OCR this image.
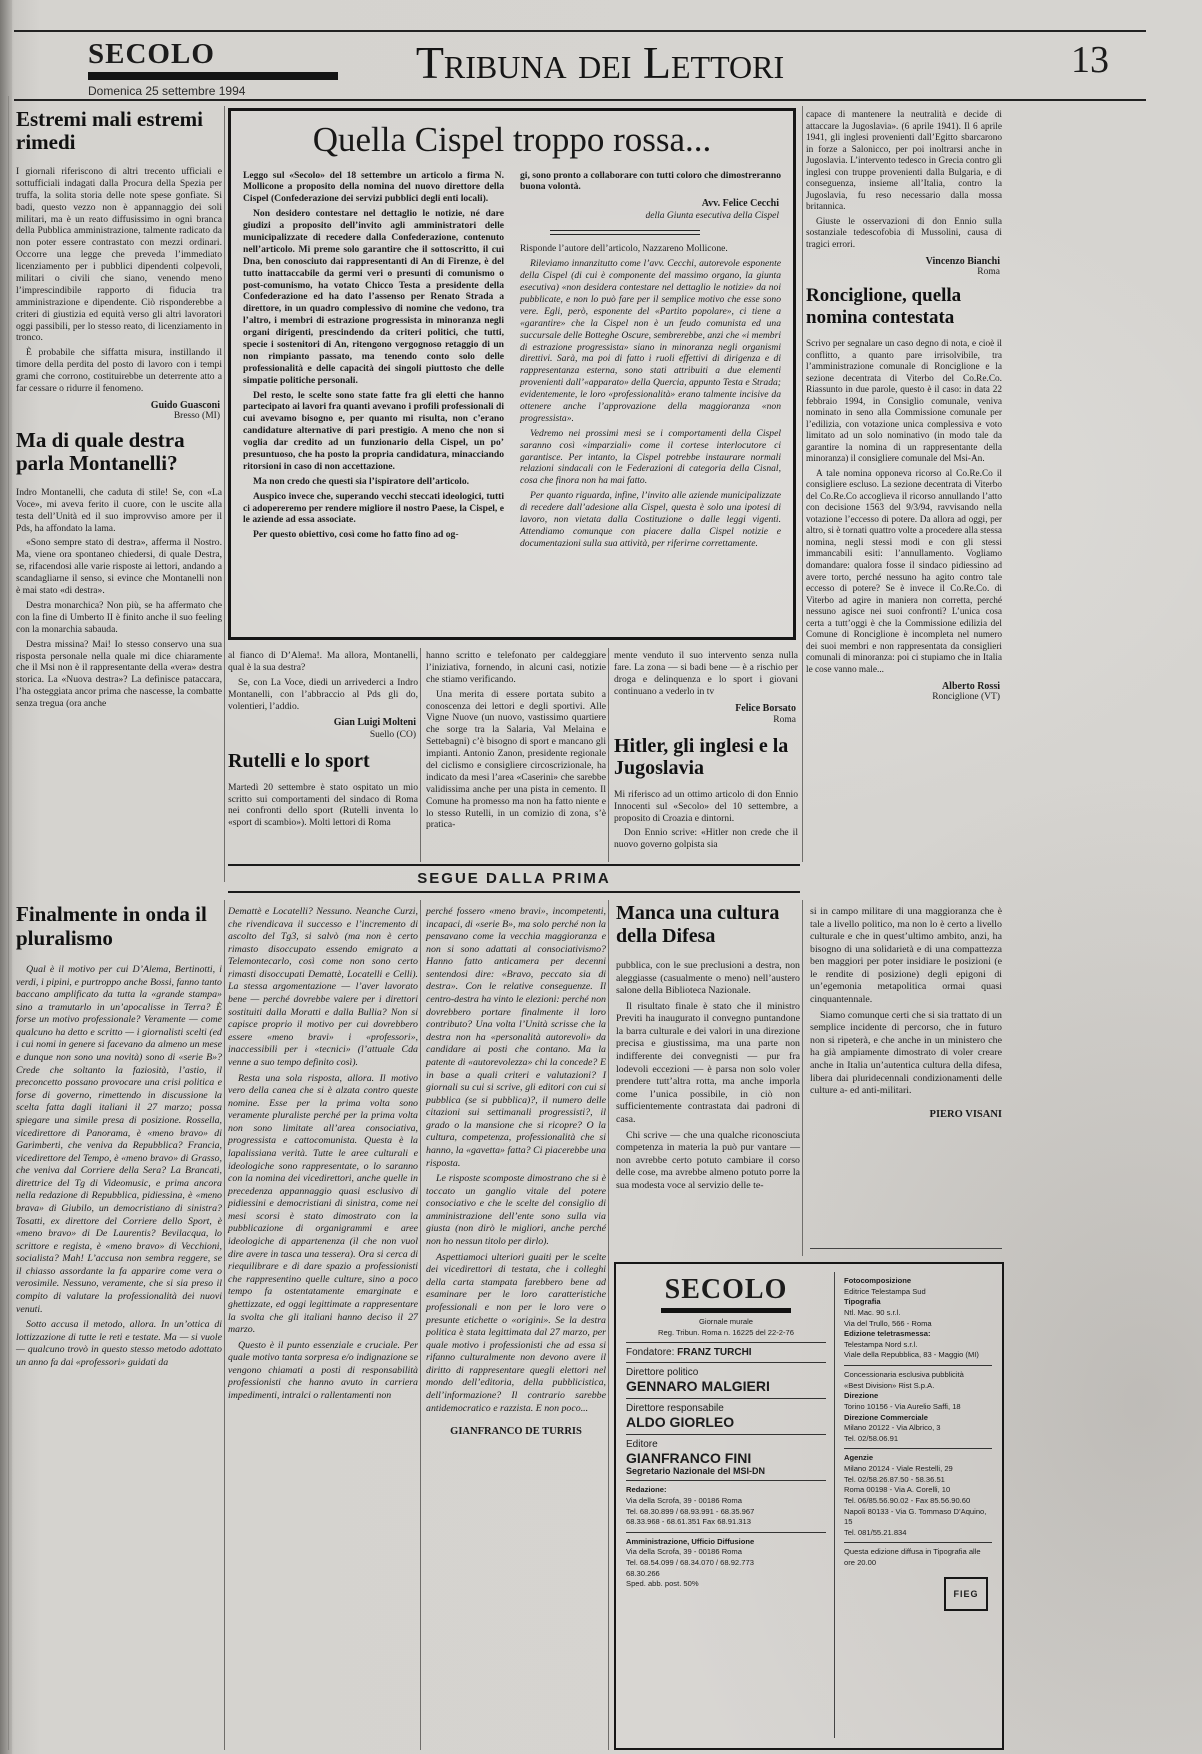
SECOLO
Domenica 25 settembre 1994
Tribuna dei Lettori	13
Estremi mali estremi rimedi

I giornali riferiscono di altri trecento ufficiali e sottufficiali indagati dalla Procura della Spezia per truffa, la solita storia delle note spese gonfiate. Si badi, questo vezzo non è appannaggio dei soli militari, ma è un reato diffusissimo in ogni branca della Pubblica amministrazione, talmente radicato da non poter essere contrastato con mezzi ordinari. Occorre una legge che preveda l’immediato licenziamento per i pubblici dipendenti colpevoli, militari o civili che siano, venendo meno l’imprescindibile rapporto di fiducia tra amministrazione e dipendente. Ciò risponderebbe a criteri di giustizia ed equità verso gli altri lavoratori oggi passibili, per lo stesso reato, di licenziamento in tronco.

È probabile che siffatta misura, instillando il timore della perdita del posto di lavoro con i tempi grami che corrono, costituirebbe un deterrente atto a far cessare o ridurre il fenomeno.

Guido Guasconi
Bresso (MI)
Ma di quale destra parla Montanelli?

Indro Montanelli, che caduta di stile! Se, con «La Voce», mi aveva ferito il cuore, con le uscite alla testa dell’Unità ed il suo improvviso amore per il Pds, ha affondato la lama.

«Sono sempre stato di destra», afferma il Nostro. Ma, viene ora spontaneo chiedersi, di quale Destra, se, rifacendosi alle varie risposte ai lettori, andando a scandagliarne il senso, si evince che Montanelli non è mai stato «di destra».

Destra monarchica? Non più, se ha affermato che con la fine di Umberto II è finito anche il suo feeling con la monarchia sabauda.

Destra missina? Mai! Io stesso conservo una sua risposta personale nella quale mi dice chiaramente che il Msi non è il rappresentante della «vera» destra storica. La «Nuova destra»? La definisce pataccara, l’ha osteggiata ancor prima che nascesse, la combatte senza tregua (ora anche

Quella Cispel troppo rossa...

Leggo sul «Secolo» del 18 settembre un articolo a firma N. Mollicone a proposito della nomina del nuovo direttore della Cispel (Confederazione dei servizi pubblici degli enti locali).

Non desidero contestare nel dettaglio le notizie, né dare giudizi a proposito dell’invito agli amministratori delle municipalizzate di recedere dalla Confederazione, contenuto nell’articolo. Mi preme solo garantire che il sottoscritto, il cui Dna, ben conosciuto dai rappresentanti di An di Firenze, è del tutto inattaccabile da germi veri o presunti di comunismo o post-comunismo, ha votato Chicco Testa a presidente della Confederazione ed ha dato l’assenso per Renato Strada a direttore, in un quadro complessivo di nomine che vedono, tra l’altro, i membri di estrazione progressista in minoranza negli organi dirigenti, prescindendo da criteri politici, che tutti, specie i sostenitori di An, ritengono vergognoso retaggio di un non rimpianto passato, ma tenendo conto solo delle professionalità e delle capacità dei singoli piuttosto che delle simpatie politiche personali.

Del resto, le scelte sono state fatte fra gli eletti che hanno partecipato ai lavori fra quanti avevano i profili professionali di cui avevamo bisogno e, per quanto mi risulta, non c’erano candidature alternative di pari prestigio. A meno che non si voglia dar credito ad un funzionario della Cispel, un po’ presuntuoso, che ha posto la propria candidatura, minacciando ritorsioni in caso di non accettazione.

Ma non credo che questi sia l’ispiratore dell’articolo.

Auspico invece che, superando vecchi steccati ideologici, tutti ci adopereremo per rendere migliore il nostro Paese, la Cispel, e le aziende ad essa associate.

Per questo obiettivo, così come ho fatto fino ad og-

gi, sono pronto a collaborare con tutti coloro che dimostreranno buona volontà.

Avv. Felice Cecchi
della Giunta esecutiva della Cispel

Risponde l’autore dell’articolo, Nazzareno Mollicone.

Rileviamo innanzitutto come l’avv. Cecchi, autorevole esponente della Cispel (di cui è componente del massimo organo, la giunta esecutiva) «non desidera contestare nel dettaglio le notizie» da noi pubblicate, e non lo può fare per il semplice motivo che esse sono vere. Egli, però, esponente del «Partito popolare», ci tiene a «garantire» che la Cispel non è un feudo comunista ed una succursale delle Botteghe Oscure, sembrerebbe, anzi che «i membri di estrazione progressista» siano in minoranza negli organismi direttivi. Sarà, ma poi di fatto i ruoli effettivi di dirigenza e di rappresentanza esterna, sono stati attribuiti a due elementi provenienti dall’«apparato» della Quercia, appunto Testa e Strada; evidentemente, le loro «professionalità» erano talmente incisive da ottenere anche l’approvazione della maggioranza «non progressista».

Vedremo nei prossimi mesi se i comportamenti della Cispel saranno così «imparziali» come il cortese interlocutore ci garantisce. Per intanto, la Cispel potrebbe instaurare normali relazioni sindacali con le Federazioni di categoria della Cisnal, cosa che finora non ha mai fatto.

Per quanto riguarda, infine, l’invito alle aziende municipalizzate di recedere dall’adesione alla Cispel, questa è solo una ipotesi di lavoro, non vietata dalla Costituzione o dalle leggi vigenti. Attendiamo comunque con piacere dalla Cispel notizie e documentazioni sulla sua attività, per riferirne correttamente.

capace di mantenere la neutralità e decide di attaccare la Jugoslavia». (6 aprile 1941). Il 6 aprile 1941, gli inglesi provenienti dall’Egitto sbarcarono in forze a Salonicco, per poi inoltrarsi anche in Jugoslavia. L’intervento tedesco in Grecia contro gli inglesi con truppe provenienti dalla Bulgaria, e di conseguenza, insieme all’Italia, contro la Jugoslavia, fu reso necessario dalla mossa britannica.

Giuste le osservazioni di don Ennio sulla sostanziale tedescofobia di Mussolini, causa di tragici errori.

Vincenzo Bianchi
Roma
Ronciglione, quella nomina contestata

Scrivo per segnalare un caso degno di nota, e cioè il conflitto, a quanto pare irrisolvibile, tra l’amministrazione comunale di Ronciglione e la sezione decentrata di Viterbo del Co.Re.Co. Riassunto in due parole, questo è il caso: in data 22 febbraio 1994, in Consiglio comunale, veniva nominato in seno alla Commissione comunale per l’edilizia, con votazione unica complessiva e voto limitato ad un solo nominativo (in modo tale da garantire la nomina di un rappresentante della minoranza) il consigliere comunale del Msi-An.

A tale nomina opponeva ricorso al Co.Re.Co il consigliere escluso. La sezione decentrata di Viterbo del Co.Re.Co accoglieva il ricorso annullando l’atto con decisione 1563 del 9/3/94, ravvisando nella votazione l’eccesso di potere. Da allora ad oggi, per altro, si è tornati quattro volte a procedere alla stessa nomina, negli stessi modi e con gli stessi immancabili esiti: l’annullamento. Vogliamo domandare: qualora fosse il sindaco pidiessino ad avere torto, perché nessuno ha agito contro tale eccesso di potere? Se è invece il Co.Re.Co. di Viterbo ad agire in maniera non corretta, perché nessuno agisce nei suoi confronti? L’unica cosa certa a tutt’oggi è che la Commissione edilizia del Comune di Ronciglione è incompleta nel numero dei suoi membri e non rappresentata da consiglieri comunali di minoranza: poi ci stupiamo che in Italia le cose vanno male...

Alberto Rossi
Ronciglione (VT)

al fianco di D’Alema!. Ma allora, Montanelli, qual è la sua destra?

Se, con La Voce, diedi un arrivederci a Indro Montanelli, con l’abbraccio al Pds gli do, volentieri, l’addio.

Gian Luigi Molteni
Suello (CO)
Rutelli e lo sport

Martedì 20 settembre è stato ospitato un mio scritto sui comportamenti del sindaco di Roma nei confronti dello sport (Rutelli inventa lo «sport di scambio»). Molti lettori di Roma

hanno scritto e telefonato per caldeggiare l’iniziativa, fornendo, in alcuni casi, notizie che stiamo verificando.

Una merita di essere portata subito a conoscenza dei lettori e degli sportivi. Alle Vigne Nuove (un nuovo, vastissimo quartiere che sorge tra la Salaria, Val Melaina e Settebagni) c’è bisogno di sport e mancano gli impianti. Antonio Zanon, presidente regionale del ciclismo e consigliere circoscrizionale, ha indicato da mesi l’area «Caserini» che sarebbe validissima anche per una pista in cemento. Il Comune ha promesso ma non ha fatto niente e lo stesso Rutelli, in un comizio di zona, s’è pratica-

mente venduto il suo intervento senza nulla fare. La zona — si badi bene — è a rischio per droga e delinquenza e lo sport i giovani continuano a vederlo in tv

Felice Borsato
Roma
Hitler, gli inglesi e la Jugoslavia

Mi riferisco ad un ottimo articolo di don Ennio Innocenti sul «Secolo» del 10 settembre, a proposito di Croazia e dintorni.

Don Ennio scrive: «Hitler non crede che il nuovo governo golpista sia

SEGUE DALLA PRIMA
Finalmente in onda il pluralismo

Qual è il motivo per cui D’Alema, Bertinotti, i verdi, i pipini, e purtroppo anche Bossi, fanno tanto baccano amplificato da tutta la «grande stampa» sino a tramutarlo in un’apocalisse in Terra? È forse un motivo professionale? Veramente — come qualcuno ha detto e scritto — i giornalisti scelti (ed i cui nomi in genere si facevano da almeno un mese e dunque non sono una novità) sono di «serie B»? Crede che soltanto la faziosità, l’astio, il preconcetto possano provocare una crisi politica e forse di governo, rimettendo in discussione la scelta fatta dagli italiani il 27 marzo; possa spiegare una simile presa di posizione. Rossella, vicedirettore di Panorama, è «meno bravo» di Garimberti, che veniva da Repubblica? Francia, vicedirettore del Tempo, è «meno bravo» di Grasso, che veniva dal Corriere della Sera? La Brancati, direttrice del Tg di Videomusic, e prima ancora nella redazione di Repubblica, pidiessina, è «meno brava» di Giubilo, un democristiano di sinistra? Tosatti, ex direttore del Corriere dello Sport, è «meno bravo» di De Laurentis? Bevilacqua, lo scrittore e regista, è «meno bravo» di Vecchioni, socialista? Mah! L’accusa non sembra reggere, se il chiasso assordante la fa apparire come vera o verosimile. Nessuno, veramente, che si sia preso il compito di valutare la professionalità dei nuovi venuti.

Sotto accusa il metodo, allora. In un’ottica di lottizzazione di tutte le reti e testate. Ma — si vuole — qualcuno trovò in questo stesso metodo adottato un anno fa dai «professori» guidati da

Demattè e Locatelli? Nessuno. Neanche Curzi, che rivendicava il successo e l’incremento di ascolto del Tg3, si salvò (ma non è certo rimasto disoccupato essendo emigrato a Telemontecarlo, così come non sono certo rimasti disoccupati Demattè, Locatelli e Celli). La stessa argomentazione — l’aver lavorato bene — perché dovrebbe valere per i direttori sostituiti dalla Moratti e dalla Bullia? Non si capisce proprio il motivo per cui dovrebbero essere «meno bravi» i «professori», inaccessibili per i «tecnici» (l’attuale Cda venne a suo tempo definito così).

Resta una sola risposta, allora. Il motivo vero della canea che si è alzata contro queste nomine. Esse per la prima volta sono veramente pluraliste perché per la prima volta non sono limitate all’area consociativa, progressista e cattocomunista. Questa è la lapalissiana verità. Tutte le aree culturali e ideologiche sono rappresentate, o lo saranno con la nomina dei vicedirettori, anche quelle in precedenza appannaggio quasi esclusivo di pidiessini e democristiani di sinistra, come nei mesi scorsi è stato dimostrato con la pubblicazione di organigrammi e aree ideologiche di appartenenza (il che non vuol dire avere in tasca una tessera). Ora si cerca di riequilibrare e di dare spazio a professionisti che rappresentino quelle culture, sino a poco tempo fa ostentatamente emarginate e ghettizzate, ed oggi legittimate a rappresentare la svolta che gli italiani hanno deciso il 27 marzo.

Questo è il punto essenziale e cruciale. Per quale motivo tanta sorpresa e/o indignazione se vengono chiamati a posti di responsabilità professionisti che hanno avuto in carriera impedimenti, intralci o rallentamenti non

perché fossero «meno bravi», incompetenti, incapaci, di «serie B», ma solo perché non la pensavano come la vecchia maggioranza e non si sono adattati al consociativismo? Hanno fatto anticamera per decenni sentendosi dire: «Bravo, peccato sia di destra». Con le relative conseguenze. Il centro-destra ha vinto le elezioni: perché non dovrebbero portare finalmente il loro contributo? Una volta l’Unità scrisse che la destra non ha «personalità autorevoli» da candidare ai posti che contano. Ma la patente di «autorevolezza» chi la concede? E in base a quali criteri e valutazioni? I giornali su cui si scrive, gli editori con cui si pubblica (se si pubblica)?, il numero delle citazioni sui settimanali progressisti?, il grado o la mansione che si ricopre? O la cultura, competenza, professionalità che si hanno, la «gavetta» fatta? Ci piacerebbe una risposta.

Le risposte scomposte dimostrano che si è toccato un ganglio vitale del potere consociativo e che le scelte del consiglio di amministrazione dell’ente sono sulla via giusta (non dirò le migliori, anche perché non ho nessun titolo per dirlo).

Aspettiamoci ulteriori guaiti per le scelte dei vicedirettori di testata, che i colleghi della carta stampata farebbero bene ad esaminare per le loro caratteristiche professionali e non per le loro vere o presunte etichette o «origini». Se la destra politica è stata legittimata dal 27 marzo, per quale motivo i professionisti che ad essa si rifanno culturalmente non devono avere il diritto di rappresentare quegli elettori nel mondo dell’editoria, della pubblicistica, dell’informazione? Il contrario sarebbe antidemocratico e razzista. E non poco...

GIANFRANCO DE TURRIS
Manca una cultura della Difesa

pubblica, con le sue preclusioni a destra, non aleggiasse (casualmente o meno) nell’austero salone della Biblioteca Nazionale.

Il risultato finale è stato che il ministro Previti ha inaugurato il convegno puntandone la barra culturale e dei valori in una direzione precisa e giustissima, ma una parte non indifferente dei convegnisti — pur fra lodevoli eccezioni — è parsa non solo voler prendere tutt’altra rotta, ma anche imporla come l’unica possibile, in ciò non sufficientemente contrastata dai padroni di casa.

Chi scrive — che una qualche riconosciuta competenza in materia la può pur vantare — non avrebbe certo potuto cambiare il corso delle cose, ma avrebbe almeno potuto porre la sua modesta voce al servizio delle te-

si in campo militare di una maggioranza che è tale a livello politico, ma non lo è certo a livello culturale e che in quest’ultimo ambito, anzi, ha bisogno di una solidarietà e di una compattezza ben maggiori per poter insidiare le posizioni (e le rendite di posizione) degli epigoni di un’egemonia metapolitica ormai quasi cinquantennale.

Siamo comunque certi che si sia trattato di un semplice incidente di percorso, che in futuro non si ripeterà, e che anche in un ministero che ha già ampiamente dimostrato di voler creare anche in Italia un’autentica cultura della difesa, libera dai pluridecennali condizionamenti delle culture a- ed anti-militari.

PIERO VISANI
SECOLO
Giornale murale
Reg. Tribun. Roma n. 16225 del 22-2-76
Fondatore: FRANZ TURCHI
Direttore politico
GENNARO MALGIERI
Direttore responsabile
ALDO GIORLEO
Editore
GIANFRANCO FINI
Segretario Nazionale del MSI-DN
Redazione:
Via della Scrofa, 39 - 00186 Roma
Tel. 68.30.899 / 68.93.991 - 68.35.967
68.33.968 - 68.61.351 Fax 68.91.313
Amministrazione, Ufficio Diffusione
Via della Scrofa, 39 - 00186 Roma
Tel. 68.54.099 / 68.34.070 / 68.92.773
68.30.266
Sped. abb. post. 50%
Fotocomposizione
Editrice Telestampa Sud
Tipografia
Ntl. Mac. 90 s.r.l.
Via del Trullo, 566 - Roma
Edizione teletrasmessa:
Telestampa Nord s.r.l.
Viale della Repubblica, 83 - Maggio (MI)
Concessionaria esclusiva pubblicità
«Best Division» Rist S.p.A.
Direzione
Torino 10156 - Via Aurelio Saffi, 18
Direzione Commerciale
Milano 20122 - Via Albrico, 3
Tel. 02/58.06.91
Agenzie
Milano 20124 - Viale Restelli, 29
Tel. 02/58.26.87.50 - 58.36.51
Roma 00198 - Via A. Corelli, 10
Tel. 06/85.56.90.02 - Fax 85.56.90.60
Napoli 80133 - Via G. Tommaso D’Aquino, 15
Tel. 081/55.21.834
Questa edizione diffusa in Tipografia alle ore 20.00
FIEG
